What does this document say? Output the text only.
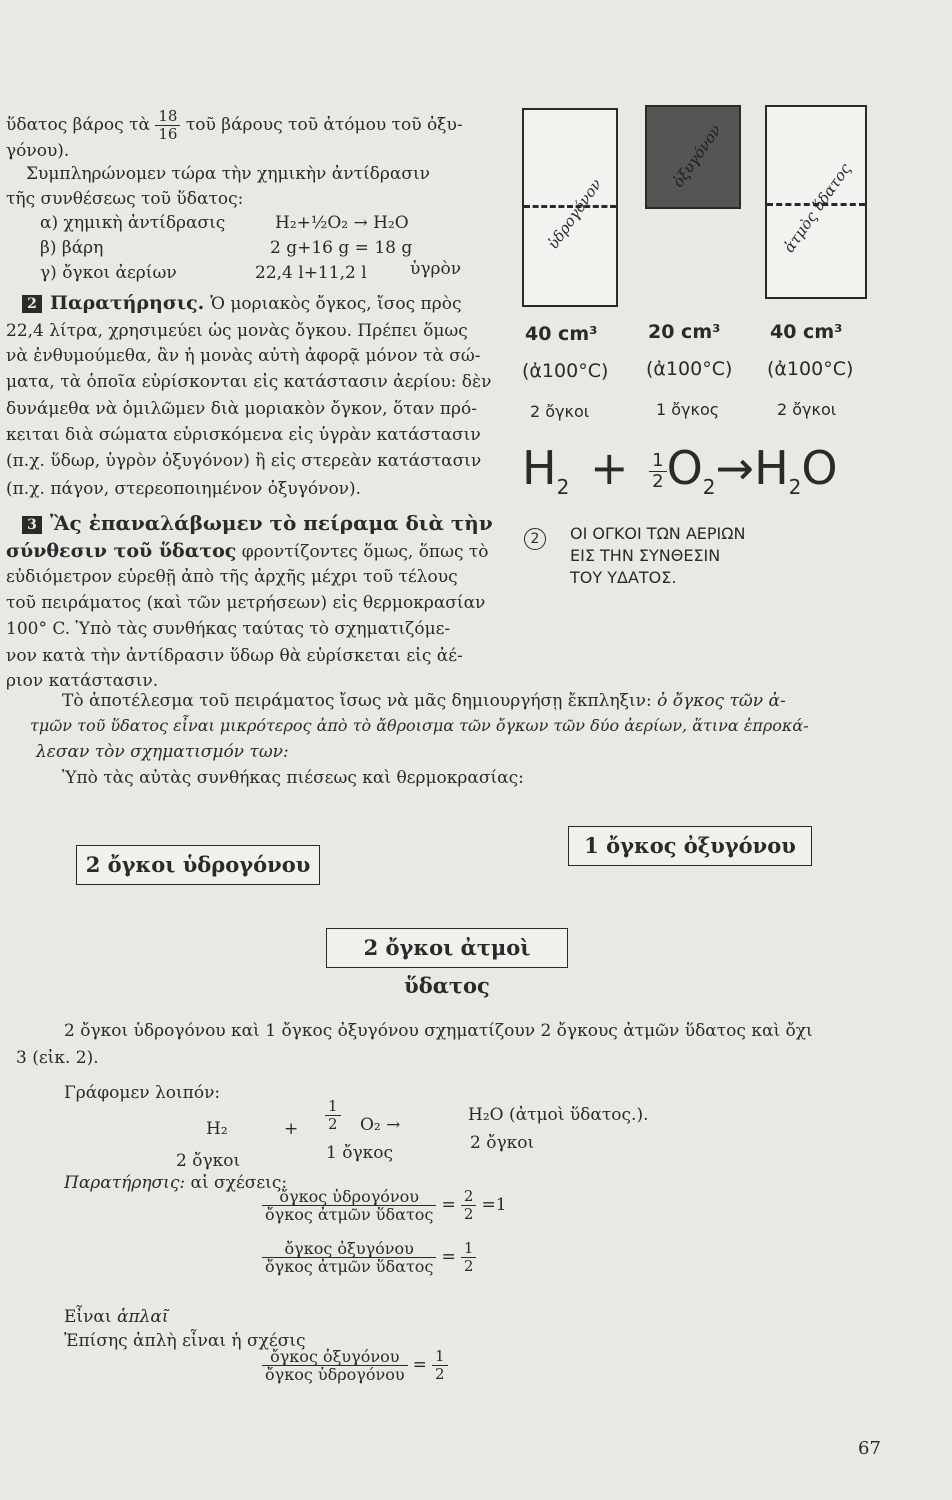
ὕδατος βάρος τὰ $\frac{18}{16}$ τοῦ βάρους τοῦ ἀτόμου τοῦ ὀξυ-
γόνου).
Συμπληρώνομεν τώρα τὴν χημικὴν ἀντίδρασιν
τῆς συνθέσεως τοῦ ὕδατος:
α) χημικὴ ἀντίδρασις	H₂+½O₂ → H₂O
β) βάρη	2 g+16 g = 18 g
γ) ὄγκοι ἀερίων	22,4 l+11,2 l	ὑγρὸν
2 Παρατήρησις. Ὁ μοριακὸς ὄγκος, ἴσος πρὸς
22,4 λίτρα, χρησιμεύει ὡς μονὰς ὄγκου. Πρέπει ὅμως
νὰ ἐνθυμούμεθα, ἂν ἡ μονὰς αὐτὴ ἀφορᾷ μόνον τὰ σώ-
ματα, τὰ ὁποῖα εὑρίσκονται εἰς κατάστασιν ἀερίου: δὲν
δυνάμεθα νὰ ὁμιλῶμεν διὰ μοριακὸν ὄγκον, ὅταν πρό-
κειται διὰ σώματα εὑρισκόμενα εἰς ὑγρὰν κατάστασιν
(π.χ. ὕδωρ, ὑγρὸν ὀξυγόνον) ἢ εἰς στερεὰν κατάστασιν
(π.χ. πάγον, στερεοποιημένον ὀξυγόνον).
3 Ἂς ἐπαναλάβωμεν τὸ πείραμα διὰ τὴν
σύνθεσιν τοῦ ὕδατος φροντίζοντες ὅμως, ὅπως τὸ
εὐδιόμετρον εὑρεθῇ ἀπὸ τῆς ἀρχῆς μέχρι τοῦ τέλους
τοῦ πειράματος (καὶ τῶν μετρήσεων) εἰς θερμοκρασίαν
100° C. Ὑπὸ τὰς συνθήκας ταύτας τὸ σχηματιζόμε-
νον κατὰ τὴν ἀντίδρασιν ὕδωρ θὰ εὑρίσκεται εἰς ἀέ-
ριον κατάστασιν.
ὑδρογόνον
ὀξυγόνον
ἀτμὸς ὕδατος
40 cm³	20 cm³	40 cm³
(ἀ100°C) (ἀ100°C) (ἀ100°C)
2 ὄγκοι	1 ὄγκος	2 ὄγκοι
$H_2 + \frac{1}{2} O_2\to H_2O$
2	ΟΙ ΟΓΚΟΙ ΤΩΝ ΑΕΡΙΩΝ
ΕΙΣ ΤΗΝ ΣΥΝΘΕΣΙΝ
ΤΟΥ ΥΔΑΤΟΣ.
Τὸ ἀποτέλεσμα τοῦ πειράματος ἴσως νὰ μᾶς δημιουργήσῃ ἔκπληξιν: ὁ ὄγκος τῶν ἀ-
τμῶν τοῦ ὕδατος εἶναι μικρότερος ἀπὸ τὸ ἄθροισμα τῶν ὄγκων τῶν δύο ἀερίων, ἅτινα ἐπροκά-
λεσαν τὸν σχηματισμόν των:
Ὑπὸ τὰς αὐτὰς συνθήκας πιέσεως καὶ θερμοκρασίας:
2 ὄγκοι ὑδρογόνου
1 ὄγκος ὀξυγόνου
2 ὄγκοι ἀτμοὶ ὕδατος
2 ὄγκοι ὑδρογόνου καὶ 1 ὄγκος ὀξυγόνου σχηματίζουν 2 ὄγκους ἀτμῶν ὕδατος καὶ ὄχι
3 (εἰκ. 2).
Γράφομεν λοιπόν:
H₂	+ $\frac{1}{2} O_2$ →	H₂O (ἀτμοὶ ὕδατος.).
2 ὄγκοι	1 ὄγκος	2 ὄγκοι
Παρατήρησις: αἱ σχέσεις:
$\frac{\text{ὄγκος ὑδρογόνου}}{\text{ὄγκος ἀτμῶν ὕδατος}} = \frac{2}{2} =1$
$\frac{\text{ὄγκος ὀξυγόνου}}{\text{ὄγκος ἀτμῶν ὕδατος}} = \frac{1}{2}$
Εἶναι ἁπλαῖ
Ἐπίσης ἁπλὴ εἶναι ἡ σχέσις
$\frac{\text{ὄγκος ὀξυγόνου}}{\text{ὄγκος ὑδρογόνου}} = \frac{1}{2}$
67
